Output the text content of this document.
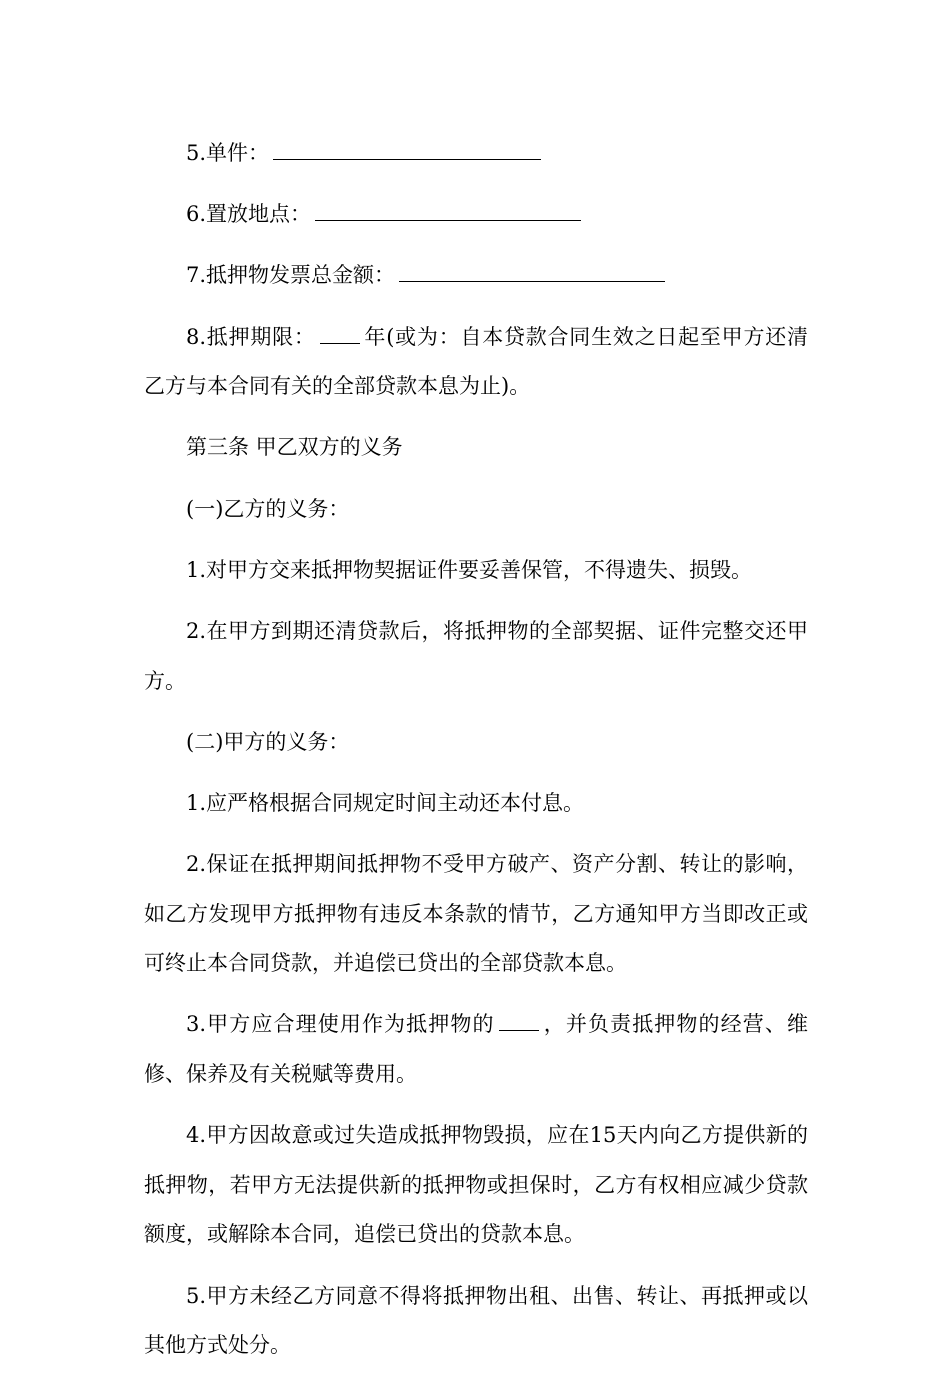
5.单件：

6.置放地点：

7.抵押物发票总金额：

8.抵押期限： 年(或为：自本贷款合同生效之日起至甲方还清乙方与本合同有关的全部贷款本息为止)。

第三条 甲乙双方的义务

(一)乙方的义务：

1.对甲方交来抵押物契据证件要妥善保管，不得遗失、损毁。

2.在甲方到期还清贷款后，将抵押物的全部契据、证件完整交还甲方。

(二)甲方的义务：

1.应严格根据合同规定时间主动还本付息。

2.保证在抵押期间抵押物不受甲方破产、资产分割、转让的影响，如乙方发现甲方抵押物有违反本条款的情节，乙方通知甲方当即改正或可终止本合同贷款，并追偿已贷出的全部贷款本息。

3.甲方应合理使用作为抵押物的 ，并负责抵押物的经营、维修、保养及有关税赋等费用。

4.甲方因故意或过失造成抵押物毁损，应在15天内向乙方提供新的抵押物，若甲方无法提供新的抵押物或担保时，乙方有权相应减少贷款额度，或解除本合同，追偿已贷出的贷款本息。

5.甲方未经乙方同意不得将抵押物出租、出售、转让、再抵押或以其他方式处分。
